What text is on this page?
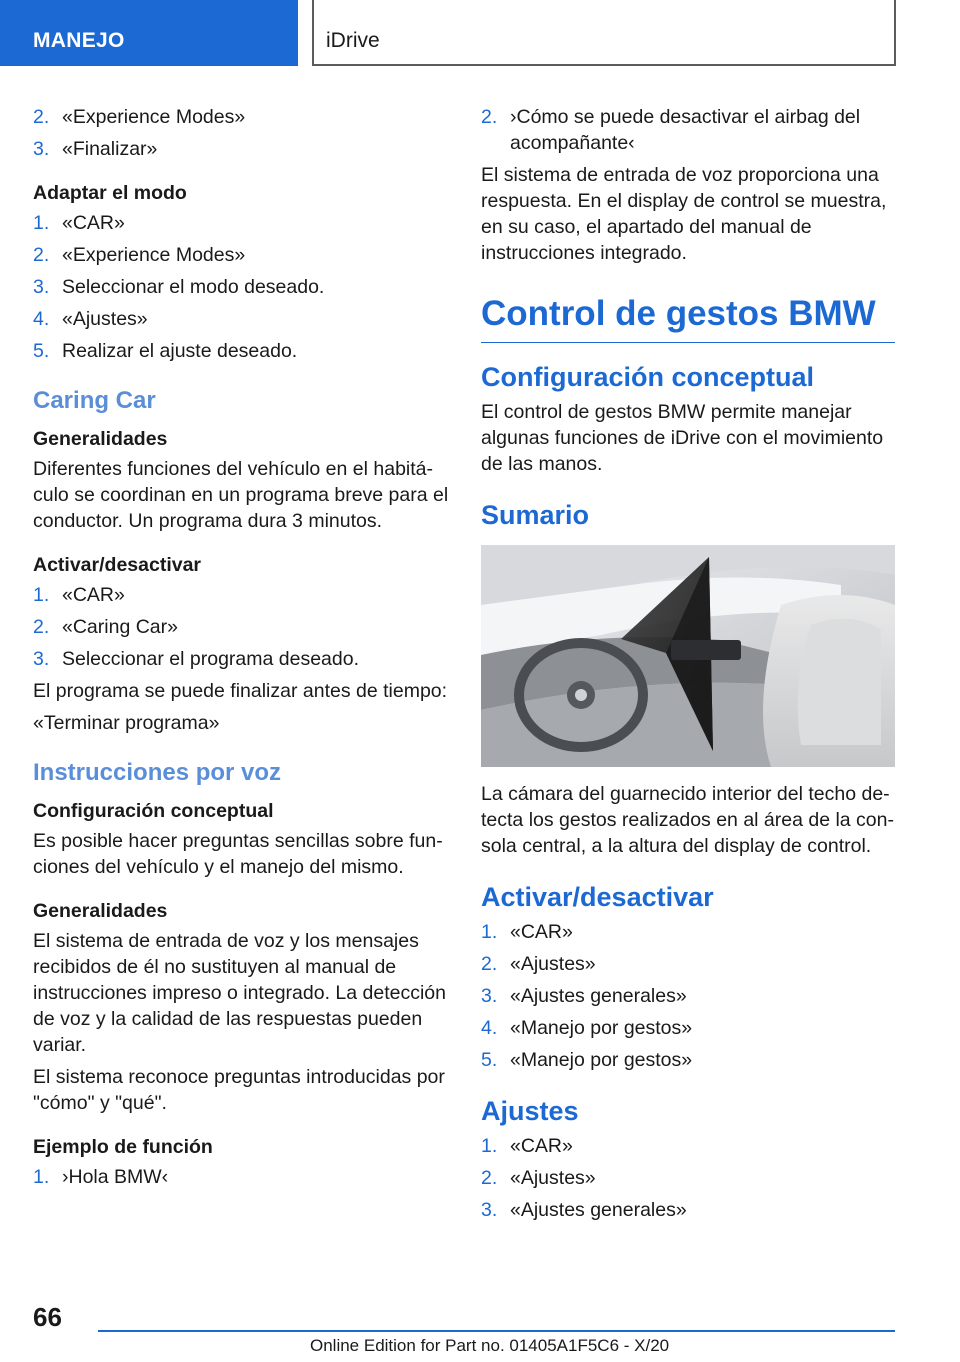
MANEJO	iDrive
2. «Experience Modes»
3. «Finalizar»
Adaptar el modo
1. «CAR»
2. «Experience Modes»
3. Seleccionar el modo deseado.
4. «Ajustes»
5. Realizar el ajuste deseado.
Caring Car
Generalidades
Diferentes funciones del vehículo en el habitáculo se coordinan en un programa breve para el conductor. Un programa dura 3 minutos.
Activar/desactivar
1. «CAR»
2. «Caring Car»
3. Seleccionar el programa deseado.
El programa se puede finalizar antes de tiempo:
«Terminar programa»
Instrucciones por voz
Configuración conceptual
Es posible hacer preguntas sencillas sobre funciones del vehículo y el manejo del mismo.
Generalidades
El sistema de entrada de voz y los mensajes recibidos de él no sustituyen al manual de instrucciones impreso o integrado. La detección de voz y la calidad de las respuestas pueden variar.
El sistema reconoce preguntas introducidas por "cómo" y "qué".
Ejemplo de función
1. ›Hola BMW‹
2. ›Cómo se puede desactivar el airbag del acompañante‹
El sistema de entrada de voz proporciona una respuesta. En el display de control se muestra, en su caso, el apartado del manual de instrucciones integrado.
Control de gestos BMW
Configuración conceptual
El control de gestos BMW permite manejar algunas funciones de iDrive con el movimiento de las manos.
Sumario
La cámara del guarnecido interior del techo detecta los gestos realizados en al área de la consola central, a la altura del display de control.
Activar/desactivar
1. «CAR»
2. «Ajustes»
3. «Ajustes generales»
4. «Manejo por gestos»
5. «Manejo por gestos»
Ajustes
1. «CAR»
2. «Ajustes»
3. «Ajustes generales»
66
Online Edition for Part no. 01405A1F5C6 - X/20
